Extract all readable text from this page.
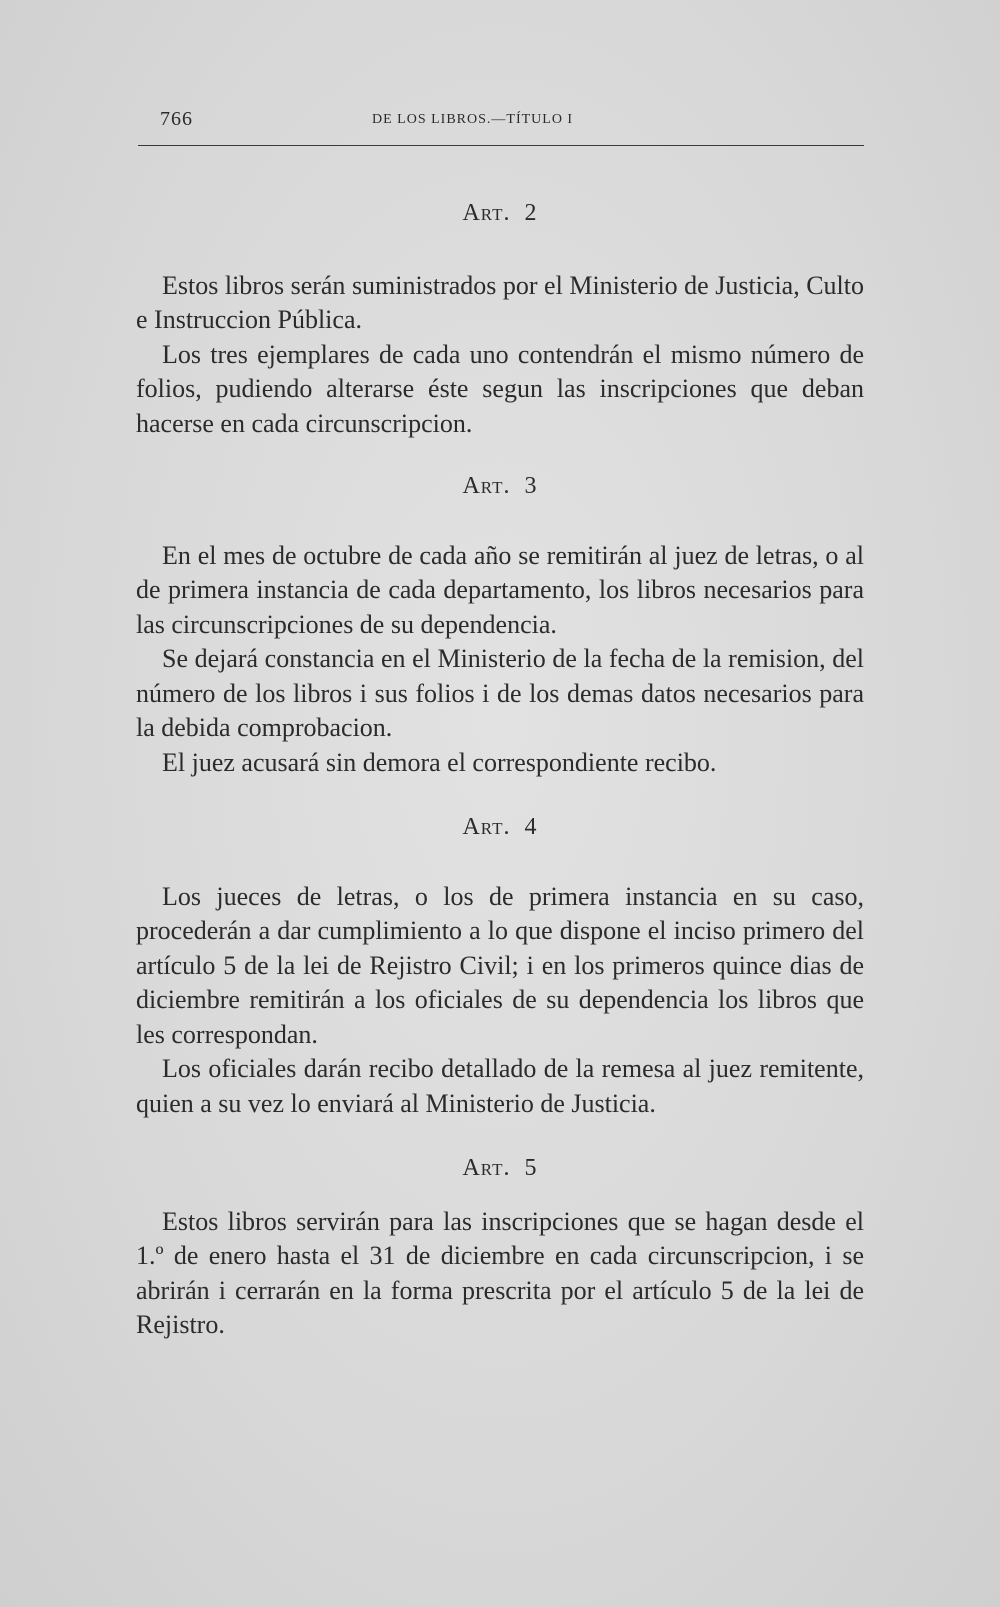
766	DE LOS LIBROS.—TÍTULO I
Art. 2

Estos libros serán suministrados por el Ministerio de Justicia, Culto e Instruccion Pública.

Los tres ejemplares de cada uno contendrán el mismo número de folios, pudiendo alterarse éste segun las inscripciones que deban hacerse en cada circunscripcion.

Art. 3

En el mes de octubre de cada año se remitirán al juez de letras, o al de primera instancia de cada departamento, los libros necesarios para las circunscripciones de su dependencia.

Se dejará constancia en el Ministerio de la fecha de la remision, del número de los libros i sus folios i de los demas datos necesarios para la debida comprobacion.

El juez acusará sin demora el correspondiente recibo.

Art. 4

Los jueces de letras, o los de primera instancia en su caso, procederán a dar cumplimiento a lo que dispone el inciso primero del artículo 5 de la lei de Rejistro Civil; i en los primeros quince dias de diciembre remitirán a los oficiales de su dependencia los libros que les correspondan.

Los oficiales darán recibo detallado de la remesa al juez remitente, quien a su vez lo enviará al Ministerio de Justicia.

Art. 5

Estos libros servirán para las inscripciones que se hagan desde el 1.º de enero hasta el 31 de diciembre en cada circunscripcion, i se abrirán i cerrarán en la forma prescrita por el artículo 5 de la lei de Rejistro.
